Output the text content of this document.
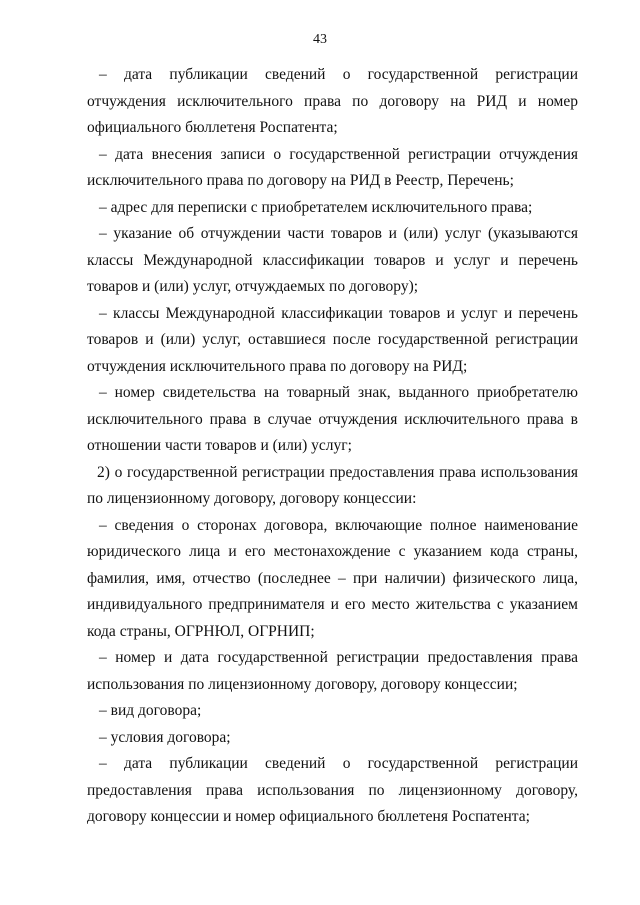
43

– дата публикации сведений о государственной регистрации отчуждения исключительного права по договору на РИД и номер официального бюллетеня Роспатента;

– дата внесения записи о государственной регистрации отчуждения исключительного права по договору на РИД в Реестр, Перечень;

– адрес для переписки с приобретателем исключительного права;

– указание об отчуждении части товаров и (или) услуг (указываются классы Международной классификации товаров и услуг и перечень товаров и (или) услуг, отчуждаемых по договору);

– классы Международной классификации товаров и услуг и перечень товаров и (или) услуг, оставшиеся после государственной регистрации отчуждения исключительного права по договору на РИД;

– номер свидетельства на товарный знак, выданного приобретателю исключительного права в случае отчуждения исключительного права в отношении части товаров и (или) услуг;

2) о государственной регистрации предоставления права использования по лицензионному договору, договору концессии:

– сведения о сторонах договора, включающие полное наименование юридического лица и его местонахождение с указанием кода страны, фамилия, имя, отчество (последнее – при наличии) физического лица, индивидуального предпринимателя и его место жительства с указанием кода страны, ОГРНЮЛ, ОГРНИП;

– номер и дата государственной регистрации предоставления права использования по лицензионному договору, договору концессии;

– вид договора;

– условия договора;

– дата публикации сведений о государственной регистрации предоставления права использования по лицензионному договору, договору концессии и номер официального бюллетеня Роспатента;
